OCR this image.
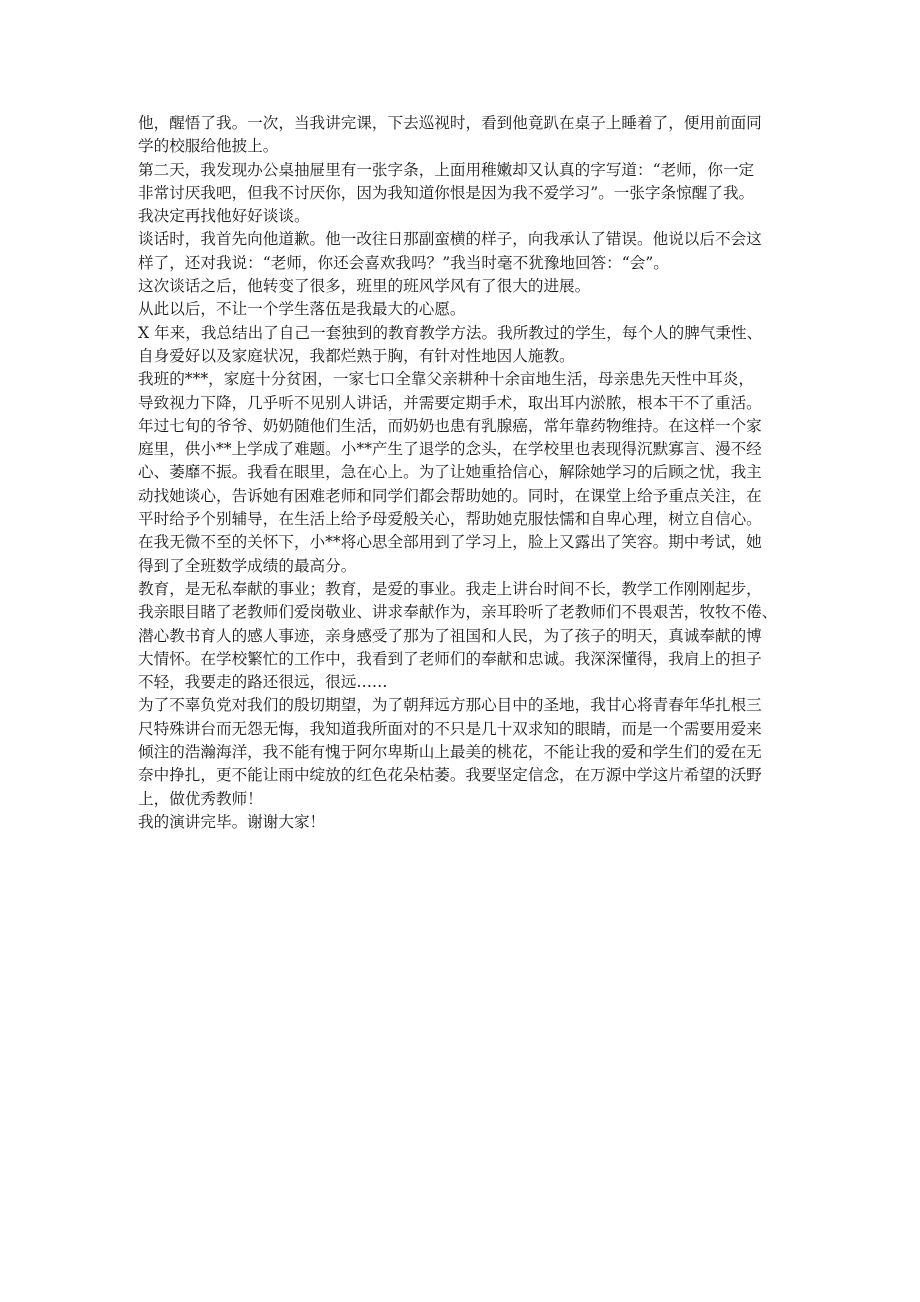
他，醒悟了我。一次，当我讲完课，下去巡视时，看到他竟趴在桌子上睡着了，便用前面同

学的校服给他披上。

第二天，我发现办公桌抽屉里有一张字条，上面用稚嫩却又认真的字写道：“老师，你一定

非常讨厌我吧，但我不讨厌你，因为我知道你恨是因为我不爱学习”。一张字条惊醒了我。

我决定再找他好好谈谈。

谈话时，我首先向他道歉。他一改往日那副蛮横的样子，向我承认了错误。他说以后不会这

样了，还对我说：“老师，你还会喜欢我吗？”我当时毫不犹豫地回答：“会”。

这次谈话之后，他转变了很多，班里的班风学风有了很大的进展。

从此以后，不让一个学生落伍是我最大的心愿。

X 年来，我总结出了自己一套独到的教育教学方法。我所教过的学生，每个人的脾气秉性、

自身爱好以及家庭状况，我都烂熟于胸，有针对性地因人施教。

我班的***，家庭十分贫困，一家七口全靠父亲耕种十余亩地生活，母亲患先天性中耳炎，

导致视力下降，几乎听不见别人讲话，并需要定期手术，取出耳内淤脓，根本干不了重活。

年过七旬的爷爷、奶奶随他们生活，而奶奶也患有乳腺癌，常年靠药物维持。在这样一个家

庭里，供小**上学成了难题。小**产生了退学的念头，在学校里也表现得沉默寡言、漫不经

心、萎靡不振。我看在眼里，急在心上。为了让她重拾信心，解除她学习的后顾之忧，我主

动找她谈心，告诉她有困难老师和同学们都会帮助她的。同时，在课堂上给予重点关注，在

平时给予个别辅导，在生活上给予母爱般关心，帮助她克服怯懦和自卑心理，树立自信心。

在我无微不至的关怀下，小**将心思全部用到了学习上，脸上又露出了笑容。期中考试，她

得到了全班数学成绩的最高分。

教育，是无私奉献的事业；教育，是爱的事业。我走上讲台时间不长，教学工作刚刚起步，

我亲眼目睹了老教师们爱岗敬业、讲求奉献作为，亲耳聆听了老教师们不畏艰苦，牧牧不倦、

潜心教书育人的感人事迹，亲身感受了那为了祖国和人民，为了孩子的明天，真诚奉献的博

大情怀。在学校繁忙的工作中，我看到了老师们的奉献和忠诚。我深深懂得，我肩上的担子

不轻，我要走的路还很远，很远……

为了不辜负党对我们的殷切期望，为了朝拜远方那心目中的圣地，我甘心将青春年华扎根三

尺特殊讲台而无怨无悔，我知道我所面对的不只是几十双求知的眼睛，而是一个需要用爱来

倾注的浩瀚海洋，我不能有愧于阿尔卑斯山上最美的桃花，不能让我的爱和学生们的爱在无

奈中挣扎，更不能让雨中绽放的红色花朵枯萎。我要坚定信念，在万源中学这片希望的沃野

上，做优秀教师！

我的演讲完毕。谢谢大家！
